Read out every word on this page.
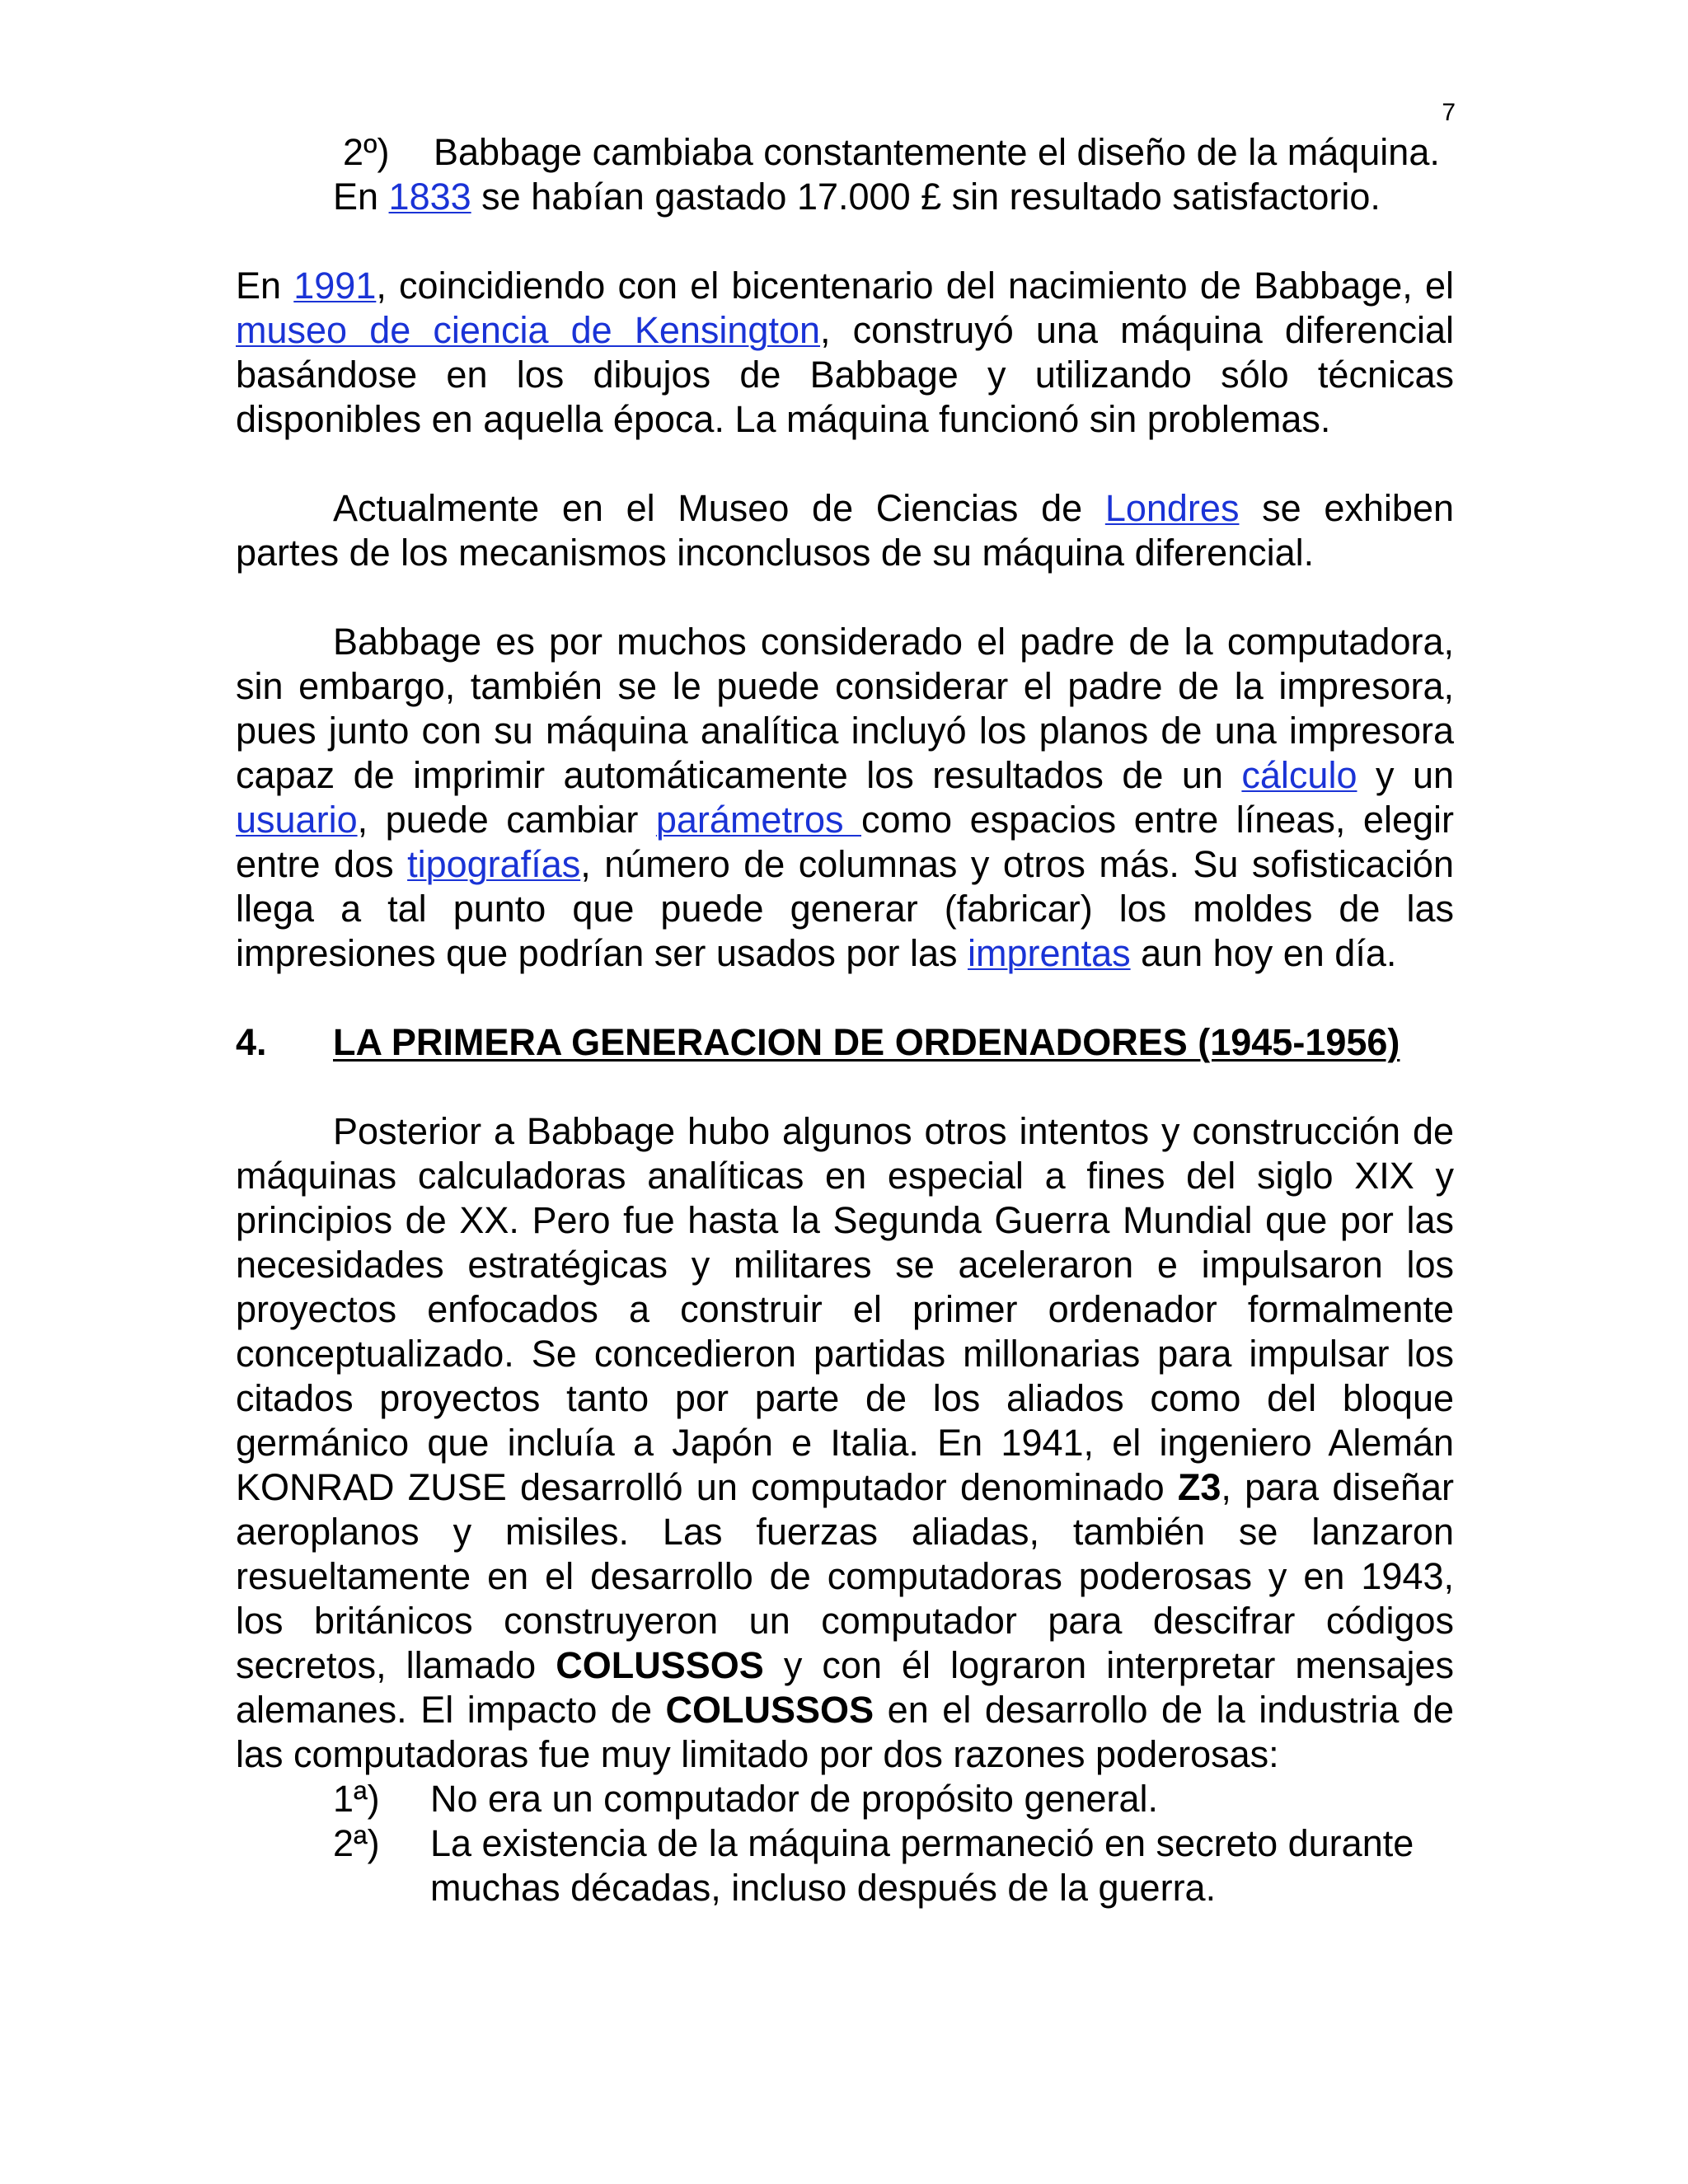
7
2º)	Babbage cambiaba constantemente el diseño de la máquina.

En 1833 se habían gastado 17.000 £ sin resultado satisfactorio.

En 1991, coincidiendo con el bicentenario del nacimiento de Babbage, el museo de ciencia de Kensington, construyó una máquina diferencial basándose en los dibujos de Babbage y utilizando sólo técnicas disponibles en aquella época. La máquina funcionó sin problemas.

Actualmente en el Museo de Ciencias de Londres se exhiben partes de los mecanismos inconclusos de su máquina diferencial.

Babbage es por muchos considerado el padre de la computadora, sin embargo, también se le puede considerar el padre de la impresora, pues junto con su máquina analítica incluyó los planos de una impresora capaz de imprimir automáticamente los resultados de un cálculo y un usuario, puede cambiar parámetros como espacios entre líneas, elegir entre dos tipografías, número de columnas y otros más. Su sofisticación llega a tal punto que puede generar (fabricar) los moldes de las impresiones que podrían ser usados por las imprentas aun hoy en día.

4.	LA PRIMERA GENERACION DE ORDENADORES (1945-1956)

Posterior a Babbage hubo algunos otros intentos y construcción de máquinas calculadoras analíticas en especial a fines del siglo XIX y principios de XX. Pero fue hasta la Segunda Guerra Mundial que por las necesidades estratégicas y militares se aceleraron e impulsaron los proyectos enfocados a construir el primer ordenador formalmente conceptualizado. Se concedieron partidas millonarias para impulsar los citados proyectos tanto por parte de los aliados como del bloque germánico que incluía a Japón e Italia. En 1941, el ingeniero Alemán KONRAD ZUSE desarrolló un computador denominado Z3, para diseñar aeroplanos y misiles. Las fuerzas aliadas, también se lanzaron resueltamente en el desarrollo de computadoras poderosas y en 1943, los británicos construyeron un computador para descifrar códigos secretos, llamado COLUSSOS y con él lograron interpretar mensajes alemanes. El impacto de COLUSSOS en el desarrollo de la industria de las computadoras fue muy limitado por dos razones poderosas:

1ª)	No era un computador de propósito general.
2ª)	La existencia de la máquina permaneció en secreto durante muchas décadas, incluso después de la guerra.
